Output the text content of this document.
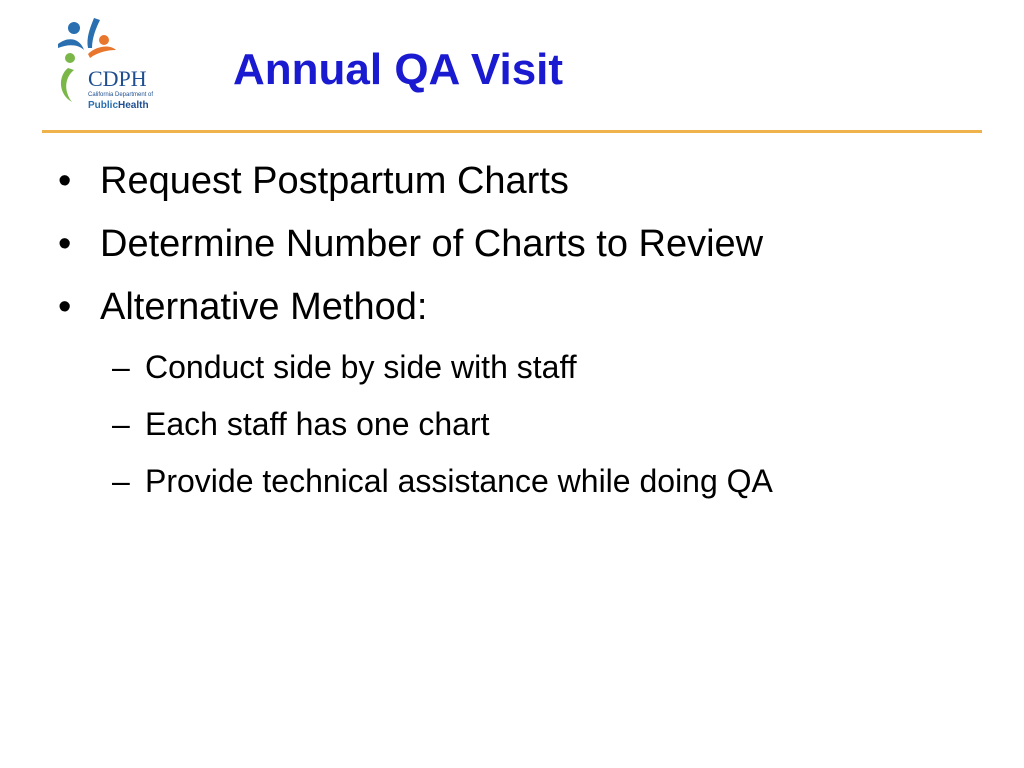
CDPH
California Department of
PublicHealth
Annual QA Visit
• Request Postpartum Charts
• Determine Number of Charts to Review
• Alternative Method:
– Conduct side by side with staff
– Each staff has one chart
– Provide technical assistance while doing QA
